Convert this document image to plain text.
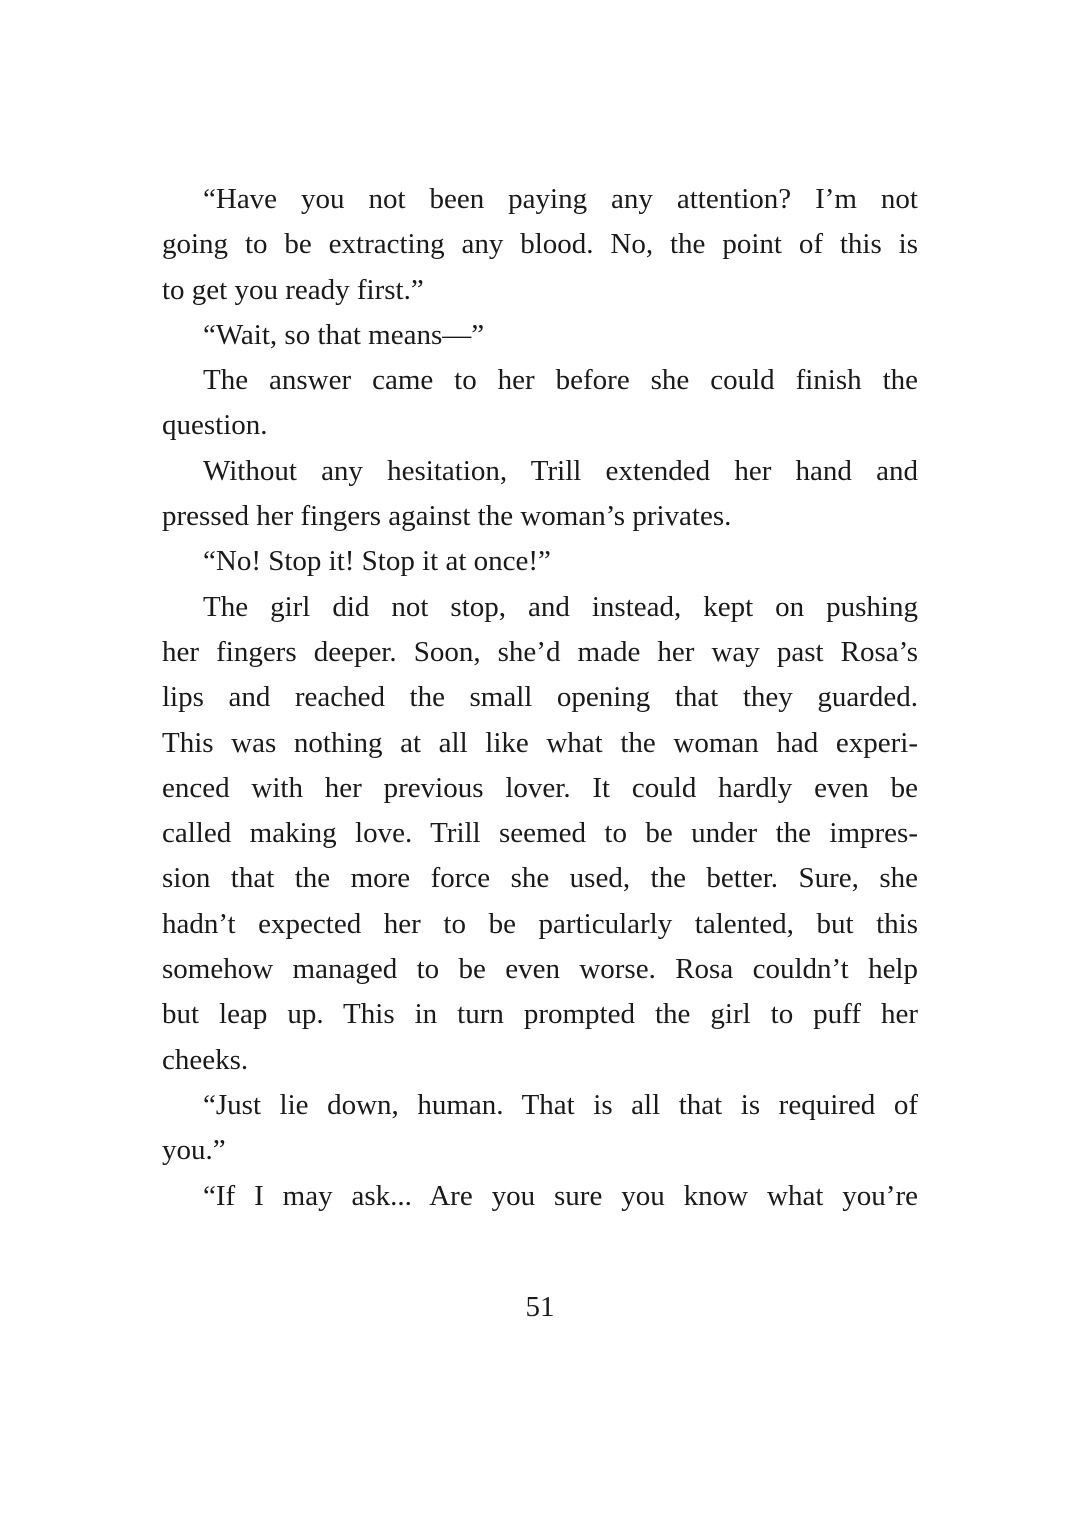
“Have you not been paying any attention? I’m not
going to be extracting any blood. No, the point of this is
to get you ready first.”
“Wait, so that means—”
The answer came to her before she could finish the
question.
Without any hesitation, Trill extended her hand and
pressed her fingers against the woman’s privates.
“No! Stop it! Stop it at once!”
The girl did not stop, and instead, kept on pushing
her fingers deeper. Soon, she’d made her way past Rosa’s
lips and reached the small opening that they guarded.
This was nothing at all like what the woman had experi-
enced with her previous lover. It could hardly even be
called making love. Trill seemed to be under the impres-
sion that the more force she used, the better. Sure, she
hadn’t expected her to be particularly talented, but this
somehow managed to be even worse. Rosa couldn’t help
but leap up. This in turn prompted the girl to puff her
cheeks.
“Just lie down, human. That is all that is required of
you.”
“If I may ask... Are you sure you know what you’re
51
